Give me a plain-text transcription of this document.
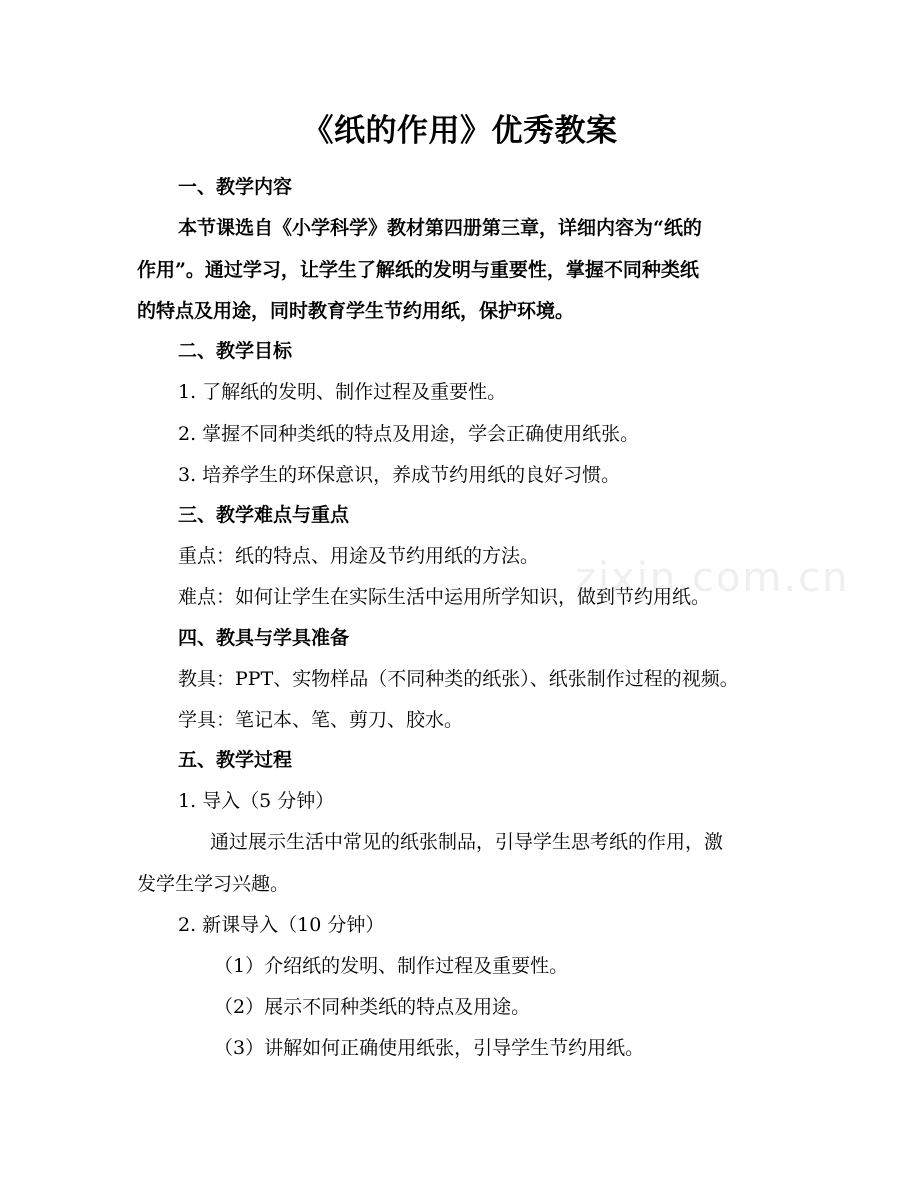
zixin.com.cn
《纸的作用》优秀教案
一、教学内容
本节课选自《小学科学》教材第四册第三章，详细内容为“纸的
作用”。通过学习，让学生了解纸的发明与重要性，掌握不同种类纸
的特点及用途，同时教育学生节约用纸，保护环境。
二、教学目标
1. 了解纸的发明、制作过程及重要性。
2. 掌握不同种类纸的特点及用途，学会正确使用纸张。
3. 培养学生的环保意识，养成节约用纸的良好习惯。
三、教学难点与重点
重点：纸的特点、用途及节约用纸的方法。
难点：如何让学生在实际生活中运用所学知识，做到节约用纸。
四、教具与学具准备
教具：PPT、实物样品（不同种类的纸张）、纸张制作过程的视频。
学具：笔记本、笔、剪刀、胶水。
五、教学过程
1. 导入（5 分钟）
通过展示生活中常见的纸张制品，引导学生思考纸的作用，激
发学生学习兴趣。
2. 新课导入（10 分钟）
（1）介绍纸的发明、制作过程及重要性。
（2）展示不同种类纸的特点及用途。
（3）讲解如何正确使用纸张，引导学生节约用纸。
